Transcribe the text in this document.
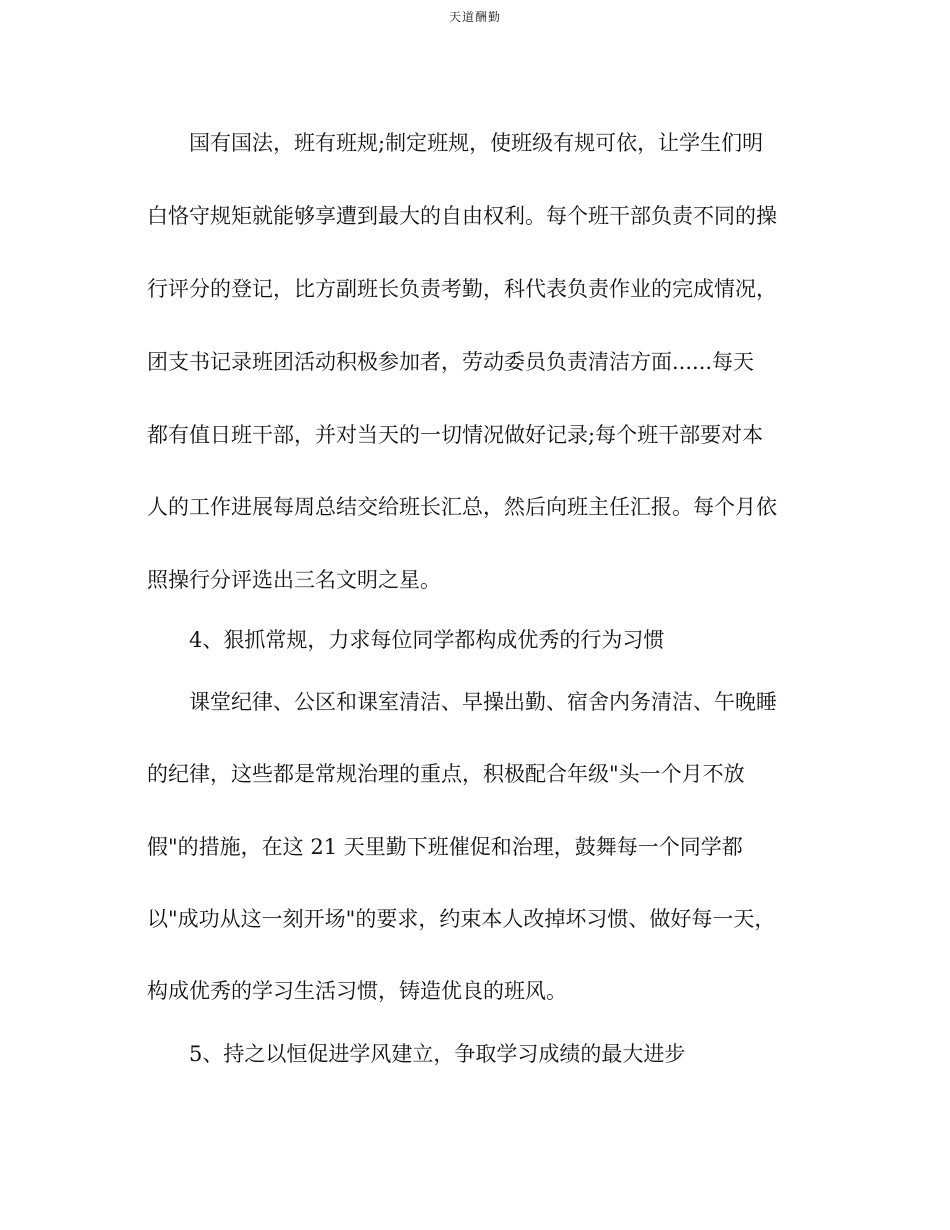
天道酬勤
国有国法，班有班规;制定班规，使班级有规可依，让学生们明
白恪守规矩就能够享遭到最大的自由权利。每个班干部负责不同的操
行评分的登记，比方副班长负责考勤，科代表负责作业的完成情况，
团支书记录班团活动积极参加者，劳动委员负责清洁方面......每天
都有值日班干部，并对当天的一切情况做好记录;每个班干部要对本
人的工作进展每周总结交给班长汇总，然后向班主任汇报。每个月依
照操行分评选出三名文明之星。
4、狠抓常规，力求每位同学都构成优秀的行为习惯
课堂纪律、公区和课室清洁、早操出勤、宿舍内务清洁、午晚睡
的纪律，这些都是常规治理的重点，积极配合年级"头一个月不放
假"的措施，在这 21 天里勤下班催促和治理，鼓舞每一个同学都
以"成功从这一刻开场"的要求，约束本人改掉坏习惯、做好每一天，
构成优秀的学习生活习惯，铸造优良的班风。
5、持之以恒促进学风建立，争取学习成绩的最大进步
